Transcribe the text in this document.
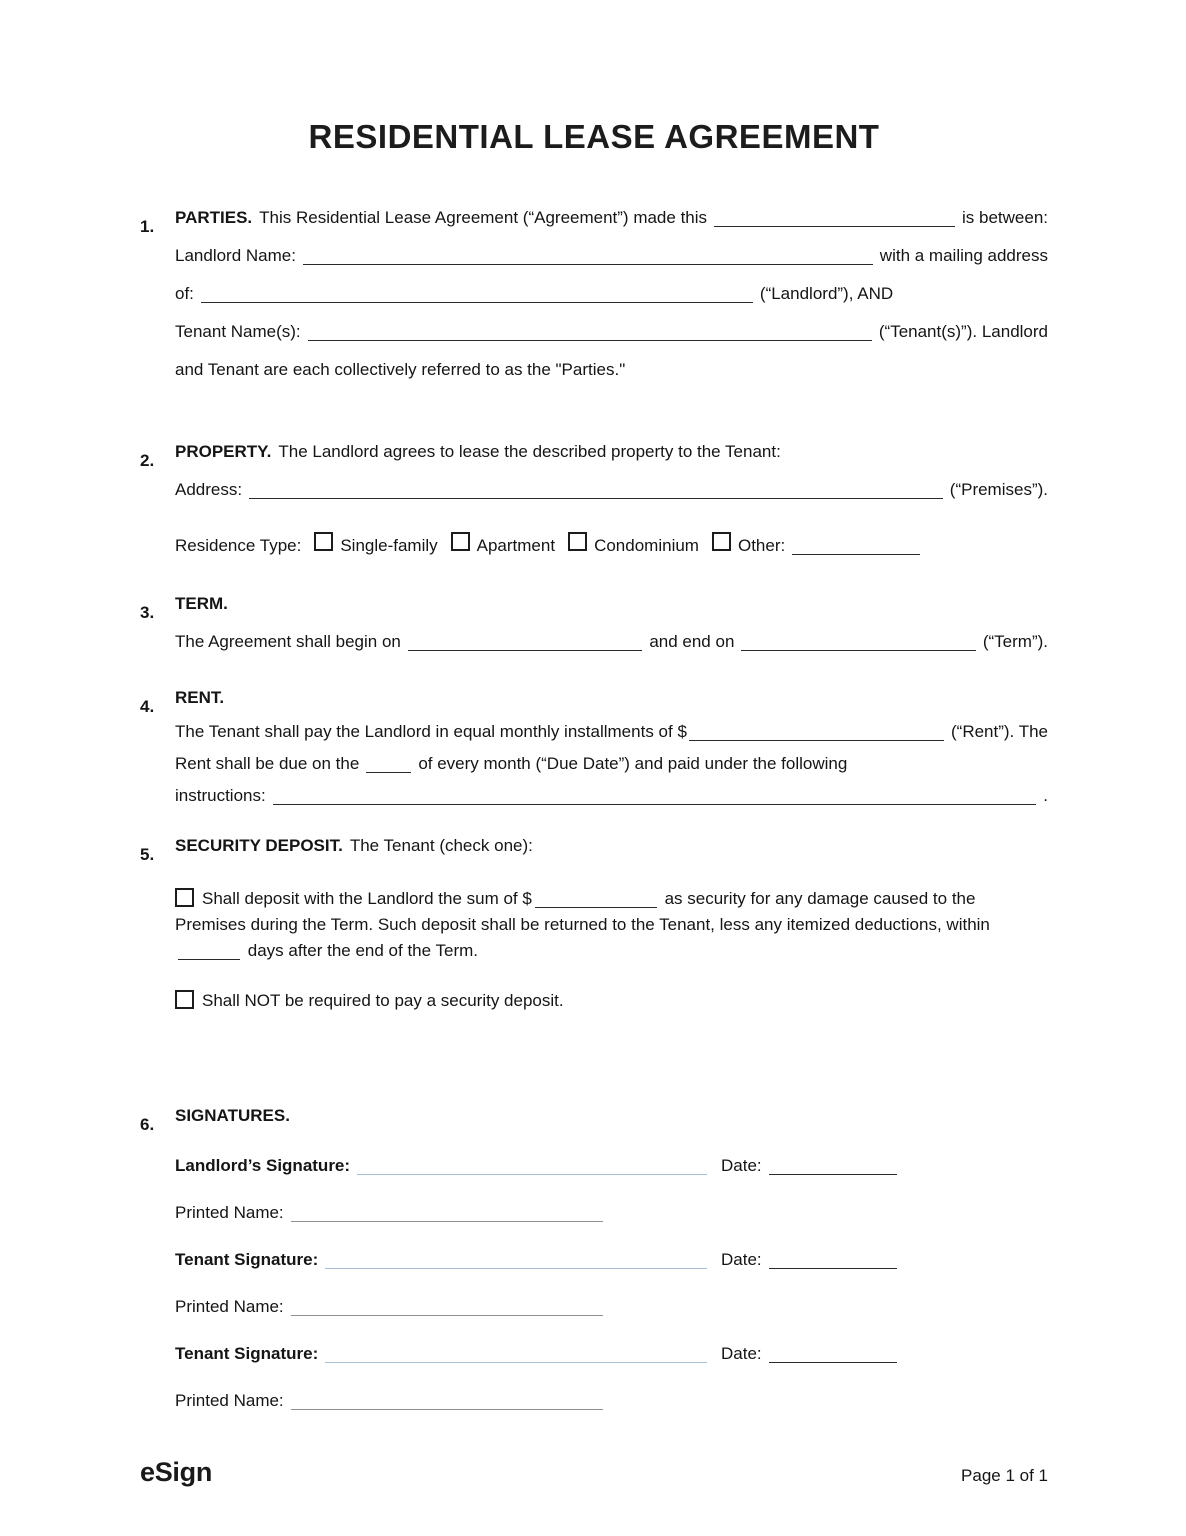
RESIDENTIAL LEASE AGREEMENT
1.	PARTIES. This Residential Lease Agreement (“Agreement”) made this	is between:
Landlord Name:	with a mailing address
of:	(“Landlord”), AND
Tenant Name(s):	(“Tenant(s)”). Landlord
and Tenant are each collectively referred to as the "Parties."
2.	PROPERTY. The Landlord agrees to lease the described property to the Tenant:
Address:	(“Premises”).
Residence Type: Single-family Apartment Condominium Other:
3.	TERM.
The Agreement shall begin on	and end on	(“Term”).
4.	RENT.
The Tenant shall pay the Landlord in equal monthly installments of $	(“Rent”). The
Rent shall be due on the	of every month (“Due Date”) and paid under the following
instructions:	.
5.	SECURITY DEPOSIT. The Tenant (check one):
Shall deposit with the Landlord the sum of $	as security for any damage caused to the Premises during the Term. Such deposit shall be returned to the Tenant, less any itemized deductions, within  days after the end of the Term.
Shall NOT be required to pay a security deposit.
6.	SIGNATURES.
Landlord’s Signature:	Date:
Printed Name:
Tenant Signature:	Date:
Printed Name:
Tenant Signature:	Date:
Printed Name:
eSign	Page 1 of 1
